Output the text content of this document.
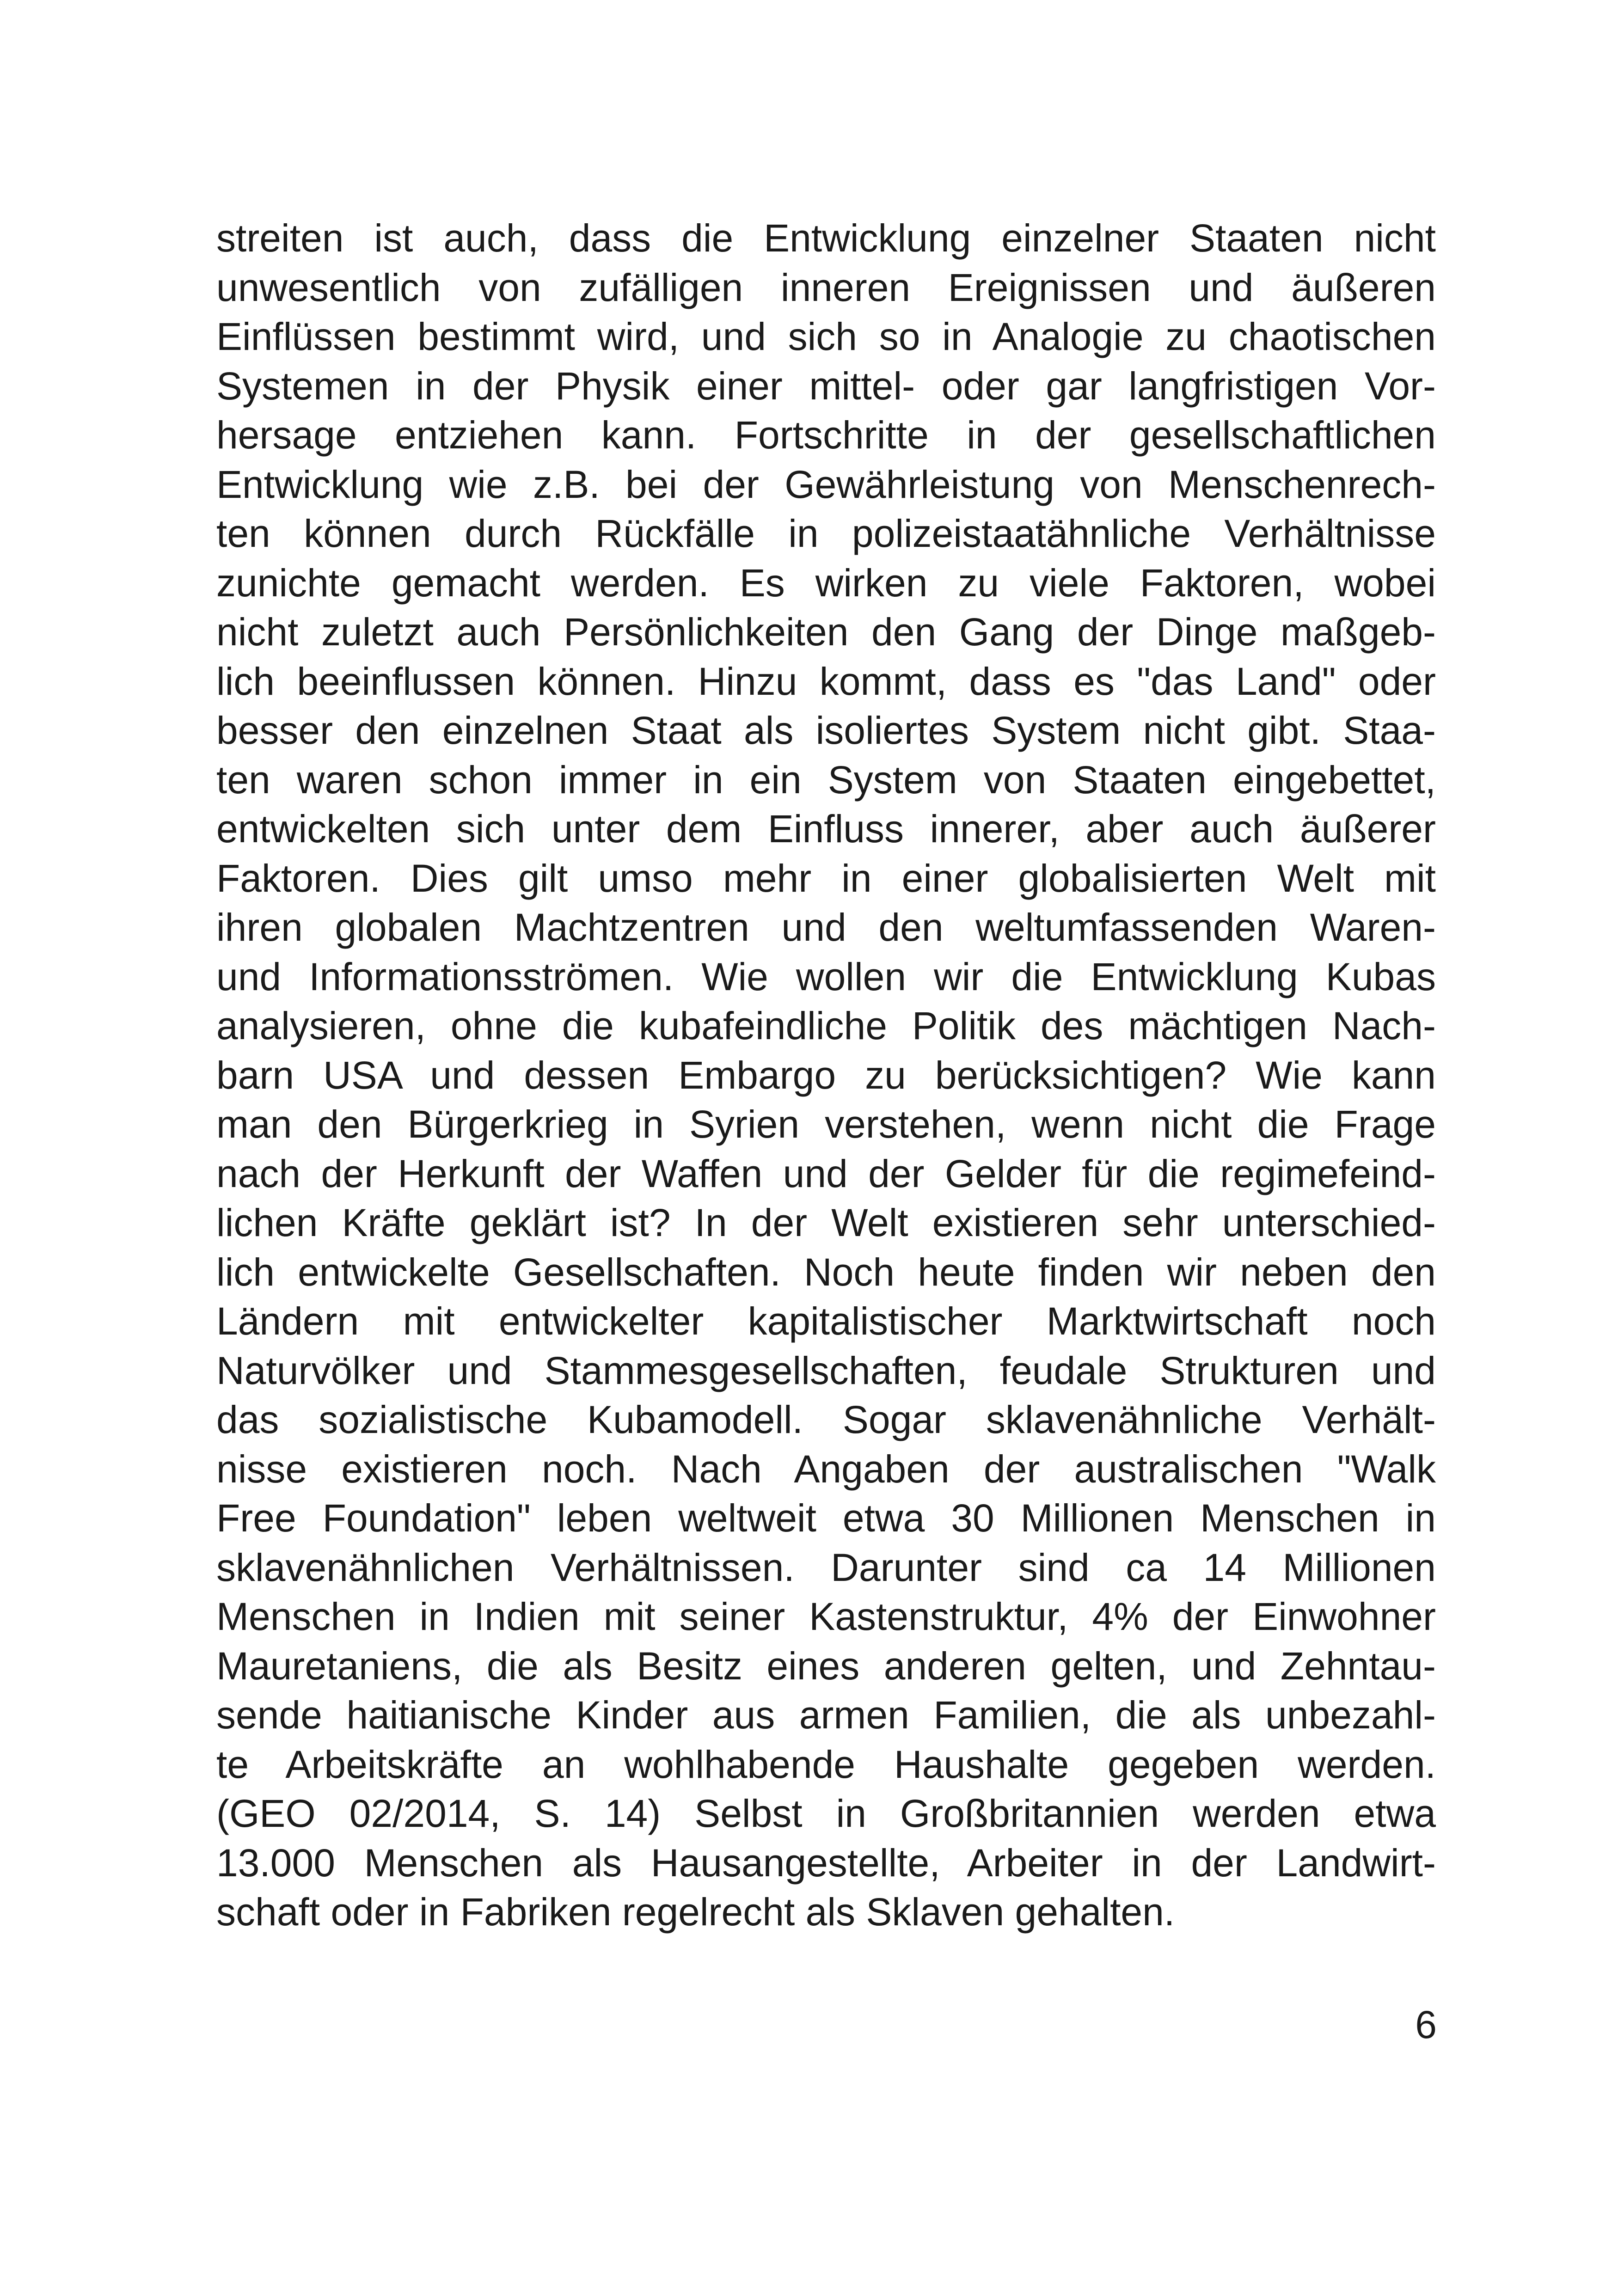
streiten ist auch, dass die Entwicklung einzelner Staaten nicht
unwesentlich von zufälligen inneren Ereignissen und äußeren
Einflüssen bestimmt wird, und sich so in Analogie zu chaotischen
Systemen in der Physik einer mittel- oder gar langfristigen Vor-
hersage entziehen kann. Fortschritte in der gesellschaftlichen
Entwicklung wie z.B. bei der Gewährleistung von Menschenrech-
ten können durch Rückfälle in polizeistaatähnliche Verhältnisse
zunichte gemacht werden. Es wirken zu viele Faktoren, wobei
nicht zuletzt auch Persönlichkeiten den Gang der Dinge maßgeb-
lich beeinflussen können. Hinzu kommt, dass es "das Land" oder
besser den einzelnen Staat als isoliertes System nicht gibt. Staa-
ten waren schon immer in ein System von Staaten eingebettet,
entwickelten sich unter dem Einfluss innerer, aber auch äußerer
Faktoren. Dies gilt umso mehr in einer globalisierten Welt mit
ihren globalen Machtzentren und den weltumfassenden Waren-
und Informationsströmen. Wie wollen wir die Entwicklung Kubas
analysieren, ohne die kubafeindliche Politik des mächtigen Nach-
barn USA und dessen Embargo zu berücksichtigen? Wie kann
man den Bürgerkrieg in Syrien verstehen, wenn nicht die Frage
nach der Herkunft der Waffen und der Gelder für die regimefeind-
lichen Kräfte geklärt ist? In der Welt existieren sehr unterschied-
lich entwickelte Gesellschaften. Noch heute finden wir neben den
Ländern mit entwickelter kapitalistischer Marktwirtschaft noch
Naturvölker und Stammesgesellschaften, feudale Strukturen und
das sozialistische Kubamodell. Sogar sklavenähnliche Verhält-
nisse existieren noch. Nach Angaben der australischen "Walk
Free Foundation" leben weltweit etwa 30 Millionen Menschen in
sklavenähnlichen Verhältnissen. Darunter sind ca 14 Millionen
Menschen in Indien mit seiner Kastenstruktur, 4% der Einwohner
Mauretaniens, die als Besitz eines anderen gelten, und Zehntau-
sende haitianische Kinder aus armen Familien, die als unbezahl-
te Arbeitskräfte an wohlhabende Haushalte gegeben werden.
(GEO 02/2014, S. 14) Selbst in Großbritannien werden etwa
13.000 Menschen als Hausangestellte, Arbeiter in der Landwirt-
schaft oder in Fabriken regelrecht als Sklaven gehalten.
6
